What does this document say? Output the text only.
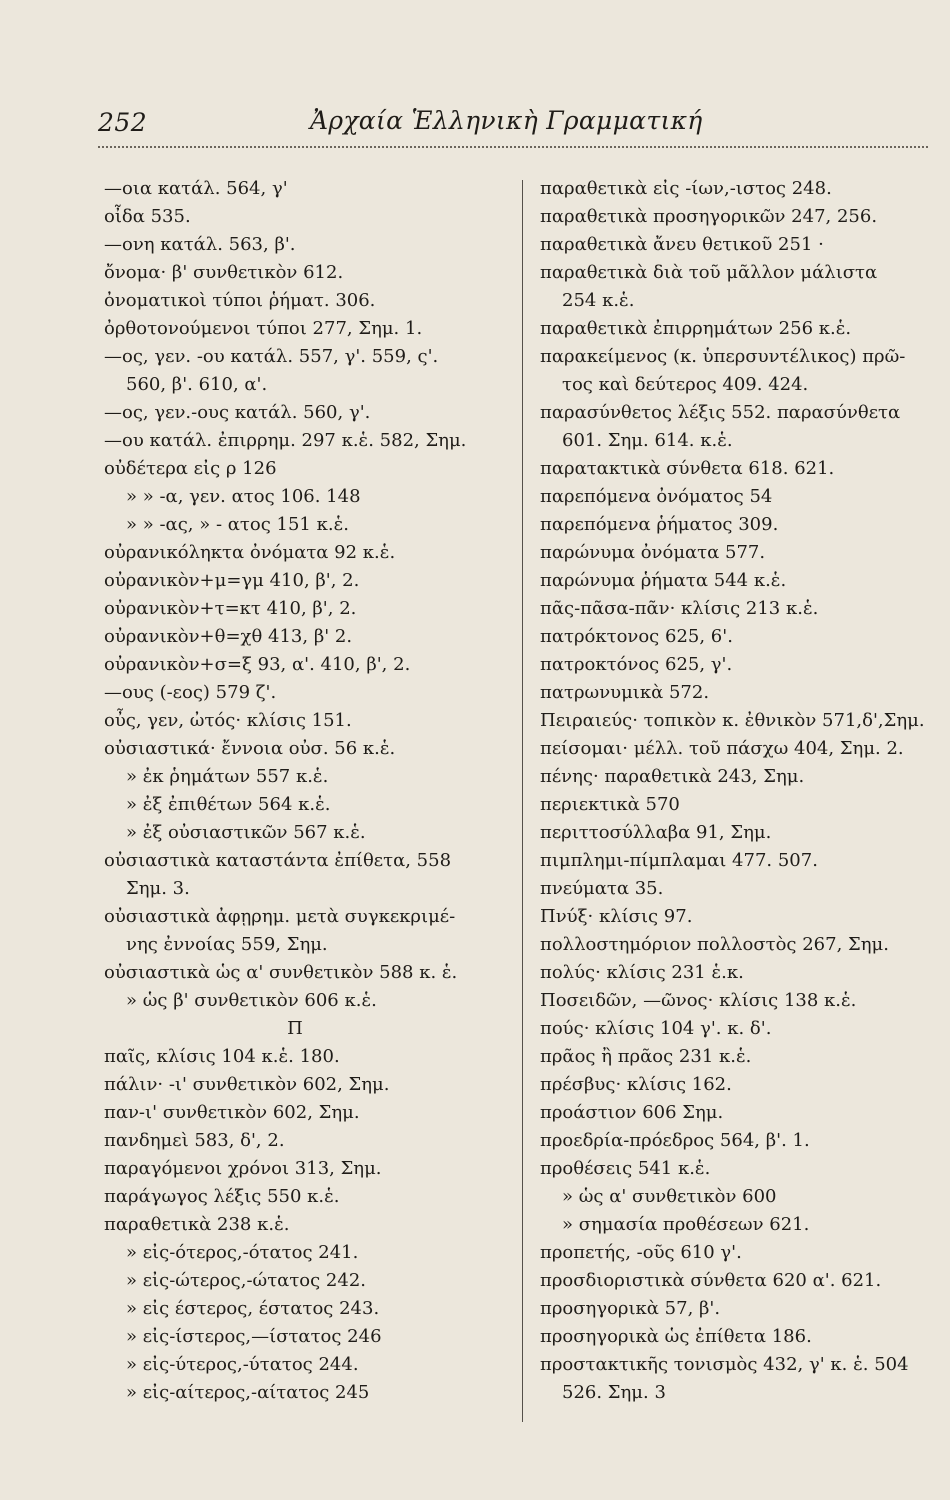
252	Ἀρχαία Ἑλληνικὴ Γραμματική
—οια κατάλ. 564, γ'
οἶδα 535.
—ονη κατάλ. 563, β'.
ὄνομα· β' συνθετικὸν 612.
ὀνοματικοὶ τύποι ῥήματ. 306.
ὀρθοτονούμενοι τύποι 277, Σημ. 1.
—ος, γεν. -ου κατάλ. 557, γ'. 559, ς'.
560, β'. 610, α'.
—ος, γεν.-ους κατάλ. 560, γ'.
—ου κατάλ. ἐπιρρημ. 297 κ.ἑ. 582, Σημ.
οὐδέτερα εἰς ρ 126
» » -α, γεν. ατος 106. 148
» » -ας, » - ατος 151 κ.ἑ.
οὐρανικόληκτα ὀνόματα 92 κ.ἑ.
οὐρανικὸν+μ=γμ 410, β', 2.
οὐρανικὸν+τ=κτ 410, β', 2.
οὐρανικὸν+θ=χθ 413, β' 2.
οὐρανικὸν+σ=ξ 93, α'. 410, β', 2.
—ους (-εος) 579 ζ'.
οὖς, γεν, ὠτός· κλίσις 151.
οὐσιαστικά· ἔννοια οὐσ. 56 κ.ἑ.
» ἐκ ῥημάτων 557 κ.ἑ.
» ἐξ ἐπιθέτων 564 κ.ἑ.
» ἐξ οὐσιαστικῶν 567 κ.ἑ.
οὐσιαστικὰ καταστάντα ἐπίθετα, 558
Σημ. 3.
οὐσιαστικὰ ἀφῃρημ. μετὰ συγκεκριμέ-
νης ἐννοίας 559, Σημ.
οὐσιαστικὰ ὡς α' συνθετικὸν 588 κ. ἑ.
» ὡς β' συνθετικὸν 606 κ.ἑ.
Π
παῖς, κλίσις 104 κ.ἑ. 180.
πάλιν· -ι' συνθετικὸν 602, Σημ.
παν-ι' συνθετικὸν 602, Σημ.
πανδημεὶ 583, δ', 2.
παραγόμενοι χρόνοι 313, Σημ.
παράγωγος λέξις 550 κ.ἑ.
παραθετικὰ 238 κ.ἑ.
» εἰς-ότερος,-ότατος 241.
» εἰς-ώτερος,-ώτατος 242.
» εἰς έστερος, έστατος 243.
» εἰς-ίστερος,—ίστατος 246
» εἰς-ύτερος,-ύτατος 244.
» εἰς-αίτερος,-αίτατος 245
παραθετικὰ εἰς -ίων,-ιστος 248.
παραθετικὰ προσηγορικῶν 247, 256.
παραθετικὰ ἄνευ θετικοῦ 251 ·
παραθετικὰ διὰ τοῦ μᾶλλον μάλιστα
254 κ.ἑ.
παραθετικὰ ἐπιρρημάτων 256 κ.ἑ.
παρακείμενος (κ. ὑπερσυντέλικος) πρῶ-
τος καὶ δεύτερος 409. 424.
παρασύνθετος λέξις 552. παρασύνθετα
601. Σημ. 614. κ.ἑ.
παρατακτικὰ σύνθετα 618. 621.
παρεπόμενα ὀνόματος 54
παρεπόμενα ῥήματος 309.
παρώνυμα ὀνόματα 577.
παρώνυμα ῥήματα 544 κ.ἑ.
πᾶς-πᾶσα-πᾶν· κλίσις 213 κ.ἑ.
πατρόκτονος 625, 6'.
πατροκτόνος 625, γ'.
πατρωνυμικὰ 572.
Πειραιεύς· τοπικὸν κ. ἐθνικὸν 571,δ',Σημ.
πείσομαι· μέλλ. τοῦ πάσχω 404, Σημ. 2.
πένης· παραθετικὰ 243, Σημ.
περιεκτικὰ 570
περιττοσύλλαβα 91, Σημ.
πιμπλημι-πίμπλαμαι 477. 507.
πνεύματα 35.
Πνύξ· κλίσις 97.
πολλοστημόριον πολλοστὸς 267, Σημ.
πολύς· κλίσις 231 ἑ.κ.
Ποσειδῶν, —ῶνος· κλίσις 138 κ.ἑ.
πούς· κλίσις 104 γ'. κ. δ'.
πρᾶος ἢ πρᾶος 231 κ.ἑ.
πρέσβυς· κλίσις 162.
προάστιον 606 Σημ.
προεδρία-πρόεδρος 564, β'. 1.
προθέσεις 541 κ.ἑ.
» ὡς α' συνθετικὸν 600
» σημασία προθέσεων 621.
προπετής, -οῦς 610 γ'.
προσδιοριστικὰ σύνθετα 620 α'. 621.
προσηγορικὰ 57, β'.
προσηγορικὰ ὡς ἐπίθετα 186.
προστακτικῆς τονισμὸς 432, γ' κ. ἑ. 504
526. Σημ. 3
